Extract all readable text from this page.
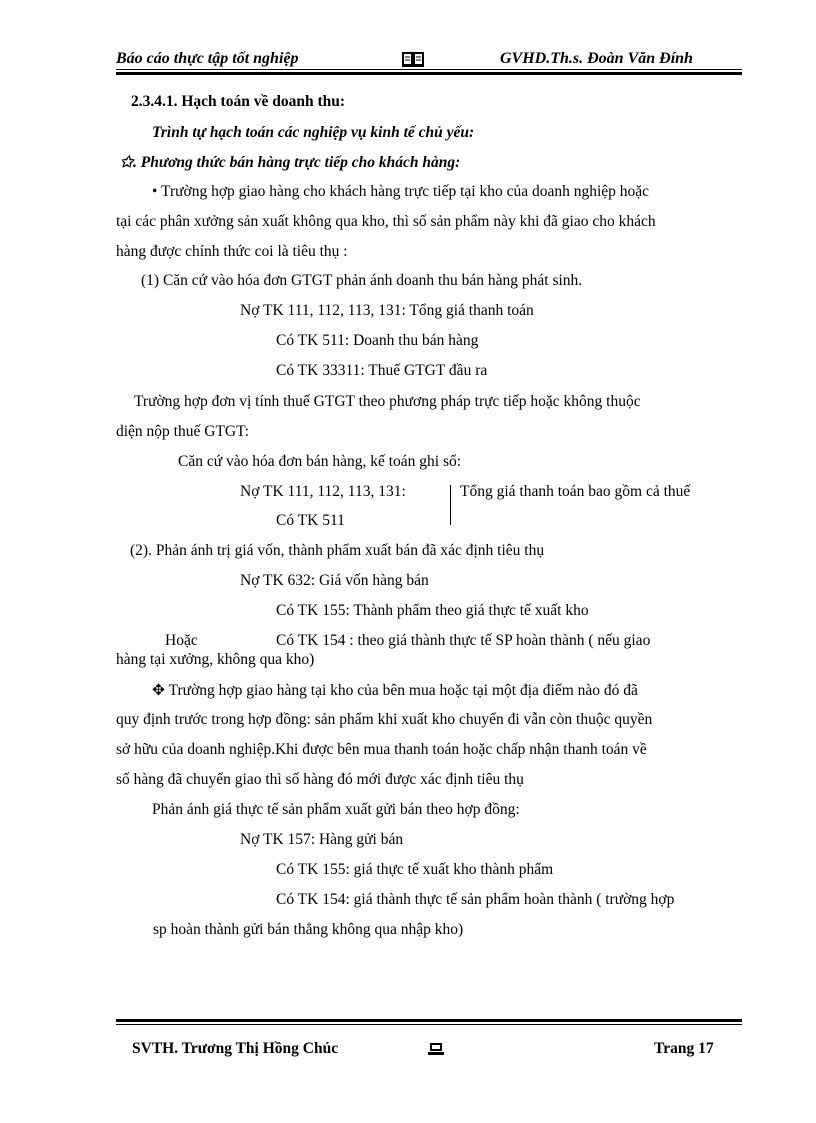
Báo cáo thực tập tốt nghiệp	GVHD.Th.s. Đoàn Văn Đính
2.3.4.1. Hạch toán về doanh thu:
Trình tự hạch toán các nghiệp vụ kinh tế chủ yếu:
✩. Phương thức bán hàng trực tiếp cho khách hàng:
• Trường hợp giao hàng cho khách hàng trực tiếp tại kho của doanh nghiệp hoặc
tại các phân xưởng sản xuất không qua kho, thì số sản phẩm này khi đã giao cho khách
hàng được chính thức coi là tiêu thụ :
(1) Căn cứ vào hóa đơn GTGT phản ánh doanh thu bán hàng phát sinh.
Nợ TK 111, 112, 113, 131: Tổng giá thanh toán
Có TK 511: Doanh thu bán hàng
Có TK 33311: Thuế GTGT đầu ra
Trường hợp đơn vị tính thuế GTGT theo phương pháp trực tiếp hoặc không thuộc
diện nộp thuế GTGT:
Căn cứ vào hóa đơn bán hàng, kế toán ghi sổ:
Nợ TK 111, 112, 113, 131:	Tổng giá thanh toán bao gồm cả thuế
Có TK 511
(2). Phản ánh trị giá vốn, thành phẩm xuất bán đã xác định tiêu thụ
Nợ TK 632: Giá vốn hàng bán
Có TK 155: Thành phẩm theo giá thực tế xuất kho
Hoặc	Có TK 154 : theo giá thành thực tế SP hoàn thành ( nếu giao
hàng tại xưởng, không qua kho)
✥ Trường hợp giao hàng tại kho của bên mua hoặc tại một địa điểm nào đó đã
quy định trước trong hợp đồng: sản phẩm khi xuất kho chuyển đi vẫn còn thuộc quyền
sở hữu của doanh nghiệp.Khi được bên mua thanh toán hoặc chấp nhận thanh toán về
số hàng đã chuyển giao thì số hàng đó mới được xác định tiêu thụ
Phản ánh giá thực tế sản phẩm xuất gửi bán theo hợp đồng:
Nợ TK 157: Hàng gửi bán
Có TK 155: giá thực tế xuất kho thành phẩm
Có TK 154: giá thành thực tế sản phẩm hoàn thành ( trường hợp
sp hoàn thành gửi bán thẳng không qua nhập kho)
SVTH. Trương Thị Hồng Chúc	Trang 17
